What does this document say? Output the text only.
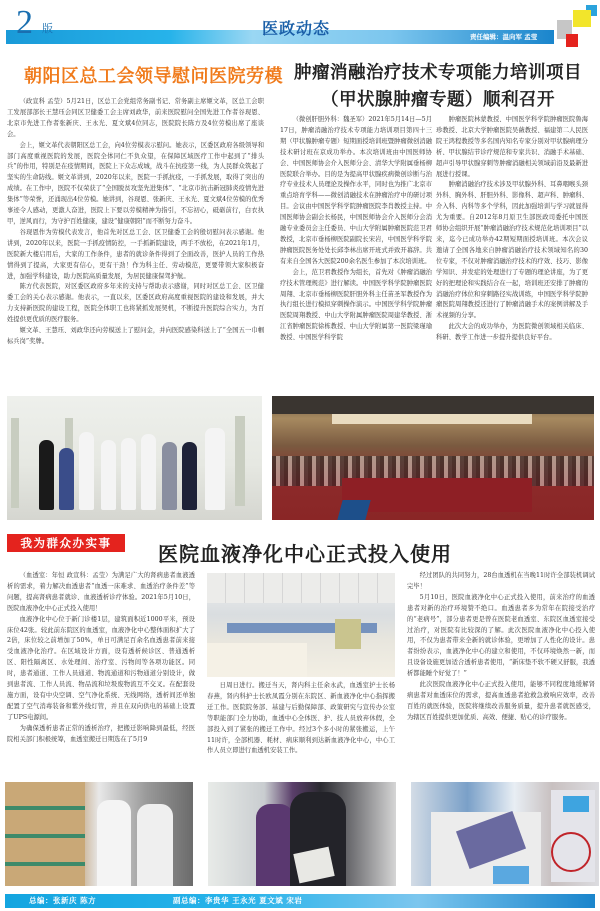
2 版	医政动态	责任编辑：温向军 孟莹
朝阳区总工会领导慰问医院劳模

（政宣科 孟莹）5月21日，区总工会党组常务副书记、常务副主席姬文革，区总工会职工发展部部长王慧珏会同区卫健委工会主席刘政华，前来医院慰问全国先进工作者谷现恩、北京市先进工作者张新庆、王永光、夏文斌4位同志，医院院长陈方及4位劳模出席了座谈会。

会上，姬文革代表朝阳区总工会，向4位劳模表示慰问。她表示，区委区政府各级领导和部门高度重视医院的发展，医院全体同仁不负众望，在保障区域医疗工作中起到了“排头兵”的作用，特别是在疫情期间，医院上下众志成城，战斗在抗疫第一线，为人民群众筑起了坚实的生命防线。姬文革讲到，2020年以来，医院一手抓抗疫，一手抓发展，取得了突出的成绩。在工作中，医院不仅荣获了“全国脱贫攻坚先进集体”、“北京市抗击新冠肺炎疫情先进集体”等荣誉，还涌现出4位劳模。她讲到，谷现恩、张新庆、王永光、夏文斌4位劳模的优秀事迹令人感动，更激人奋进，医院上下要以劳模精神为指引，不忘初心，砥砺前行，白衣执甲，逆风而行，为守护百姓健康，建设“健康朝阳”而不断努力奋斗。

谷现恩作为劳模代表发言，他首先对区总工会、区卫健委工会的殷切慰问表示感谢。他讲到，2020年以来，医院一手抓疫情防控，一手抓新院建设，两手不放松，在2021年1月，医院新大楼启用后，大家的工作条件，患者的就诊条件得到了全面改善，医护人员的工作热情得到了提高，大家更有信心，更有干劲！作为科主任、劳动模范，更要带领大家积极奋进，加强学科建设，助力医院高质量发展，为居民健康保驾护航。

陈方代表医院，对区委区政府多年来的支持与帮助表示感谢，同时对区总工会、区卫健委工会的关心表示感谢。他表示，一直以来，区委区政府高度重视医院的建设和发展，并大力支持新医院的建设工程，医院全体职工也将紧抓发展契机，不断提升医院综合实力，为百姓提供更优质的医疗服务。

姬文革、王慧珏、刘政华还向劳模送上了慰问金，并向医院感染科送上了“全国五一巾帼标兵岗”奖牌。

肿瘤消融治疗技术专项能力培训项目
（甲状腺肿瘤专题）顺利召开

（微创肝胆外科：魏圣军）2021年5月14日—5月17日，肿瘤消融治疗技术专项能力培训项目第四十三期（甲状腺肿瘤专题）短期面授培训班暨肿瘤微创消融技术研讨班在京成功举办。本次培训班由中国医师协会、中国医师协会介入医师分会、清华大学附属垂杨柳医院联合举办。目的是为提高甲状腺疾病微创诊断与治疗专业技术人员理论及操作水平，同时也为推广北京市重点培育学科——微创消融技术在肿瘤治疗中的研讨项目。会议由中国医学科学院肿瘤医院李肖教授主持。中国医师协会副会长杨民，中国医师协会介入医师分会消融专业委员会主任委员、中山大学附属肿瘤医院范卫君教授，北京市垂杨柳医院副院长宋岩，中国医学科学院肿瘤医院医务处处长邱李林出席开班式并致开幕辞。共有来自全国各大医院200余名医生参加了本次培训班。

会上，范卫君教授作为组长，首先对《肿瘤消融治疗技术管理规范》进行解读。中国医学科学院肿瘤医院周翔、北京市垂杨柳医院肝胆外科主任苗圣军教授作为执行组长进行模拟穿刺操作演示。中国医学科学院肿瘤医院周翔教授、中山大学附属肿瘤医院周建华教授、浙江省肿瘤医院徐栋教授、中山大学附属第一医院梁瑾瑜教授、中国医学科学院

肿瘤医院林蒙教授、中国医学科学院肿瘤医院鲁海珍教授、北京大学肿瘤医院吴薇教授、福建第二人民医院王鸿程教授等多名国内知名专家分别对甲状腺病理分析、甲状腺结节诊疗规范和专家共识、消融手术基础、超声引导甲状腺穿刺等肿瘤消融相关领域前沿及最新进展进行授课。

肿瘤消融治疗技术涉及甲状腺外科、耳鼻咽喉头颈外科、胸外科、肝胆外科、影像科、超声科、肿瘤科、介入科、内科等多个学科，因此加强培训与学习就显得尤为重要。自2012年8月原卫生部医政司委托中国医师协会组织开展“肿瘤消融治疗技术规范化培训项目”以来，迄今已成功举办42期短期面授培训班。本次会议邀请了全国各地来自肿瘤消融治疗技术领域知名的30位专家，不仅对肿瘤消融治疗技术的疗效、技巧、影像学知识、并发症的处理进行了专题的理论讲座，为了更好的把理论和实践结合在一起，培训班还安排了肿瘤的消融治疗体位和穿刺路径实战训练，中国医学科学院肿瘤医院周翔教授还进行了肿瘤消融手术的案例讲解及手术视频的分享。

此次大会的成功举办，为医院微创领域相关临床、科研、教学工作进一步提升提供良好平台。

我为群众办实事	医院血液净化中心正式投入使用

（血透室：年恒 政宣科：孟莹）为满足广大的肾病患者血液透析的需求，着力解决血透患者“血透一床难求、血透治疗条件差”等问题，提高肾病患者就诊、血液透析诊疗体验。2021年5月10日，医院血液净化中心正式投入使用！

血液净化中心位于新门诊楼1层，建筑面积近1000平米，预设床位42张。较此前东院区的血透室，血液净化中心整体面积扩大了2倍，床位较之前增加了50%，单日可满足百余名血透患者前来接受血液净化治疗。在区域设计方面，设有透析候诊区、普通透析区、阳性隔离区、水处理间、治疗室、污物间等各项功能区。同时，患者通道、工作人员通道、物流通道和污物通道分别设计，做到患者流、工作人员流、物品流和垃圾废物流互不交叉。在配套设施方面，设有中央空调、空气净化系统、无线网络，透析间还单独配置了空气消毒装备和紫外线灯管，并且在双向供电的基础上设置了UPS电源间。

为确保透析患者正常的透析治疗，把搬迁影响降到最低，经医院相关部门积极统筹，血透室搬迁日期选在了5月9

日周日进行。搬迁当天，肾内科主任余永武，血透室护士长杨春燕，肾内科护士长欧凤霞分别在东院区、新血液净化中心指挥搬迁工作。医院院务部、基建与后勤保障部、政策研究与宣传办公室等职能部门全力协助，血透中心全体医、护、技人员放弃休假，全部投入到了紧张的搬迁工作中。经过3个多小时的紧张搬运，上午11时许，全部机器、耗材、病床顺利到达新血液净化中心，中心工作人员立即进行血透机安装工作。

经过团队的共同努力，28台血透机在当晚11时许全部装机调试完毕！

5月10日，医院血液净化中心正式投入使用，前来治疗的血透患者对新的治疗环境赞不绝口。血透患者多为常年在院接受治疗的“老病号”，部分患者更是曾在医院老血透室、东院区血透室接受过治疗，对医院有比较深的了解。此次医院血液净化中心投入使用，不仅为患者带来全新的就诊体验，更增加了人性化的设计。患者纷纷表示，血液净化中心的建立和使用，不仅环境焕然一新，而且设备设施更加适合透析患者使用，“新床垫不软不硬又舒服，我透析都能睡个好觉了！”

此次医院血液净化中心正式投入使用，能够不同程度地缓解肾病患者对血透床位的需求，提高血透患者抢救急救响应效率，改善百姓的就医体验，医院将继续改善服务质量，提升患者就医感受，为辖区百姓提供更加优质、高效、便捷、贴心的诊疗服务。

总编：张新庆 陈方	副总编：李贵华 王永光 夏文斌 宋岩
